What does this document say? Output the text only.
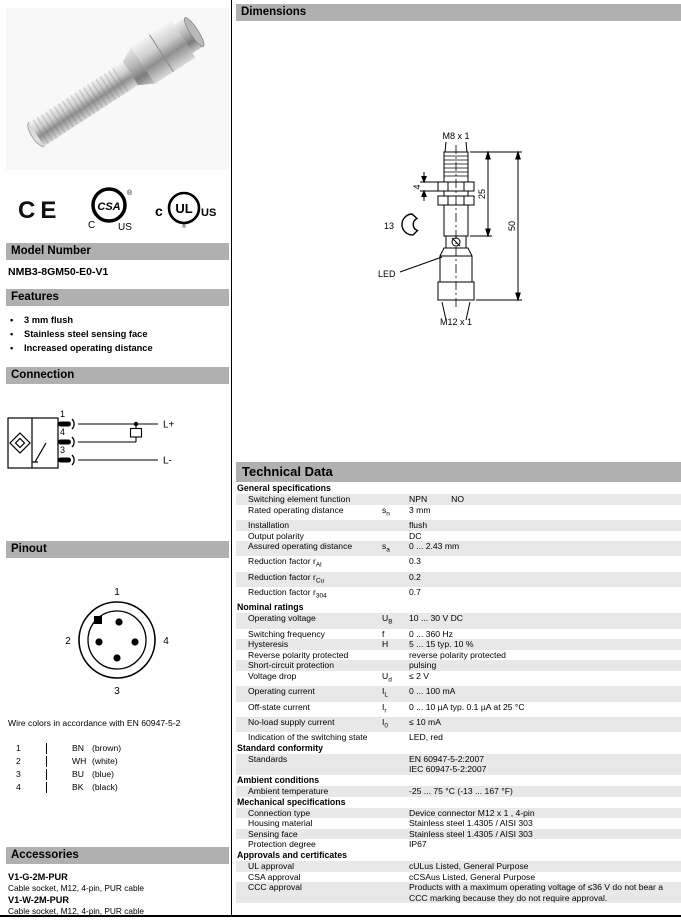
CE	CSA
®
C US
c UL
®
US
Model Number
NMB3-8GM50-E0-V1
Features
•	3 mm flush
•	Stainless steel sensing face
•	Increased operating distance
Connection
1
4
3
L+
L-
Pinout
1
2	4
3
Wire colors in accordance with EN 60947-5-2
1	BN (brown)
2	WH (white)
3	BU (blue)
4	BK (black)
Accessories
V1-G-2M-PUR
Cable socket, M12, 4-pin, PUR cable
V1-W-2M-PUR
Cable socket, M12, 4-pin, PUR cable
Dimensions
M8 x 1
13
4
25
50
LED
M12 x 1
Technical Data
General specifications
Switching element function	NPN	NO
Rated operating distance	$s_n$	3 mm
Installation	flush
Output polarity	DC
Assured operating distance	$s_a$	0 ... 2.43 mm
Reduction factor $r_{Al}$	0.3
Reduction factor $r_{Cu}$	0.2
Reduction factor $r_{304}$	0.7
Nominal ratings
Operating voltage	$U_B$	10 ... 30 V DC
Switching frequency	f	0 ... 360 Hz
Hysteresis	H	5 ... 15 typ. 10 %
Reverse polarity protected	reverse polarity protected
Short-circuit protection	pulsing
Voltage drop	$U_d$	≤ 2 V
Operating current	$I_L$	0 ... 100 mA
Off-state current	$I_r$	0 ... 10 µA typ. 0.1 µA at 25 °C
No-load supply current	$I_0$	≤ 10 mA
Indication of the switching state	LED, red
Standard conformity
Standards	EN 60947-5-2:2007
IEC 60947-5-2:2007
Ambient conditions
Ambient temperature	-25 ... 75 °C (-13 ... 167 °F)
Mechanical specifications
Connection type	Device connector M12 x 1 , 4-pin
Housing material	Stainless steel 1.4305 / AISI 303
Sensing face	Stainless steel 1.4305 / AISI 303
Protection degree	IP67
Approvals and certificates
UL approval	cULus Listed, General Purpose
CSA approval	cCSAus Listed, General Purpose
CCC approval	Products with a maximum operating voltage of ≤36 V do not bear a
CCC marking because they do not require approval.
